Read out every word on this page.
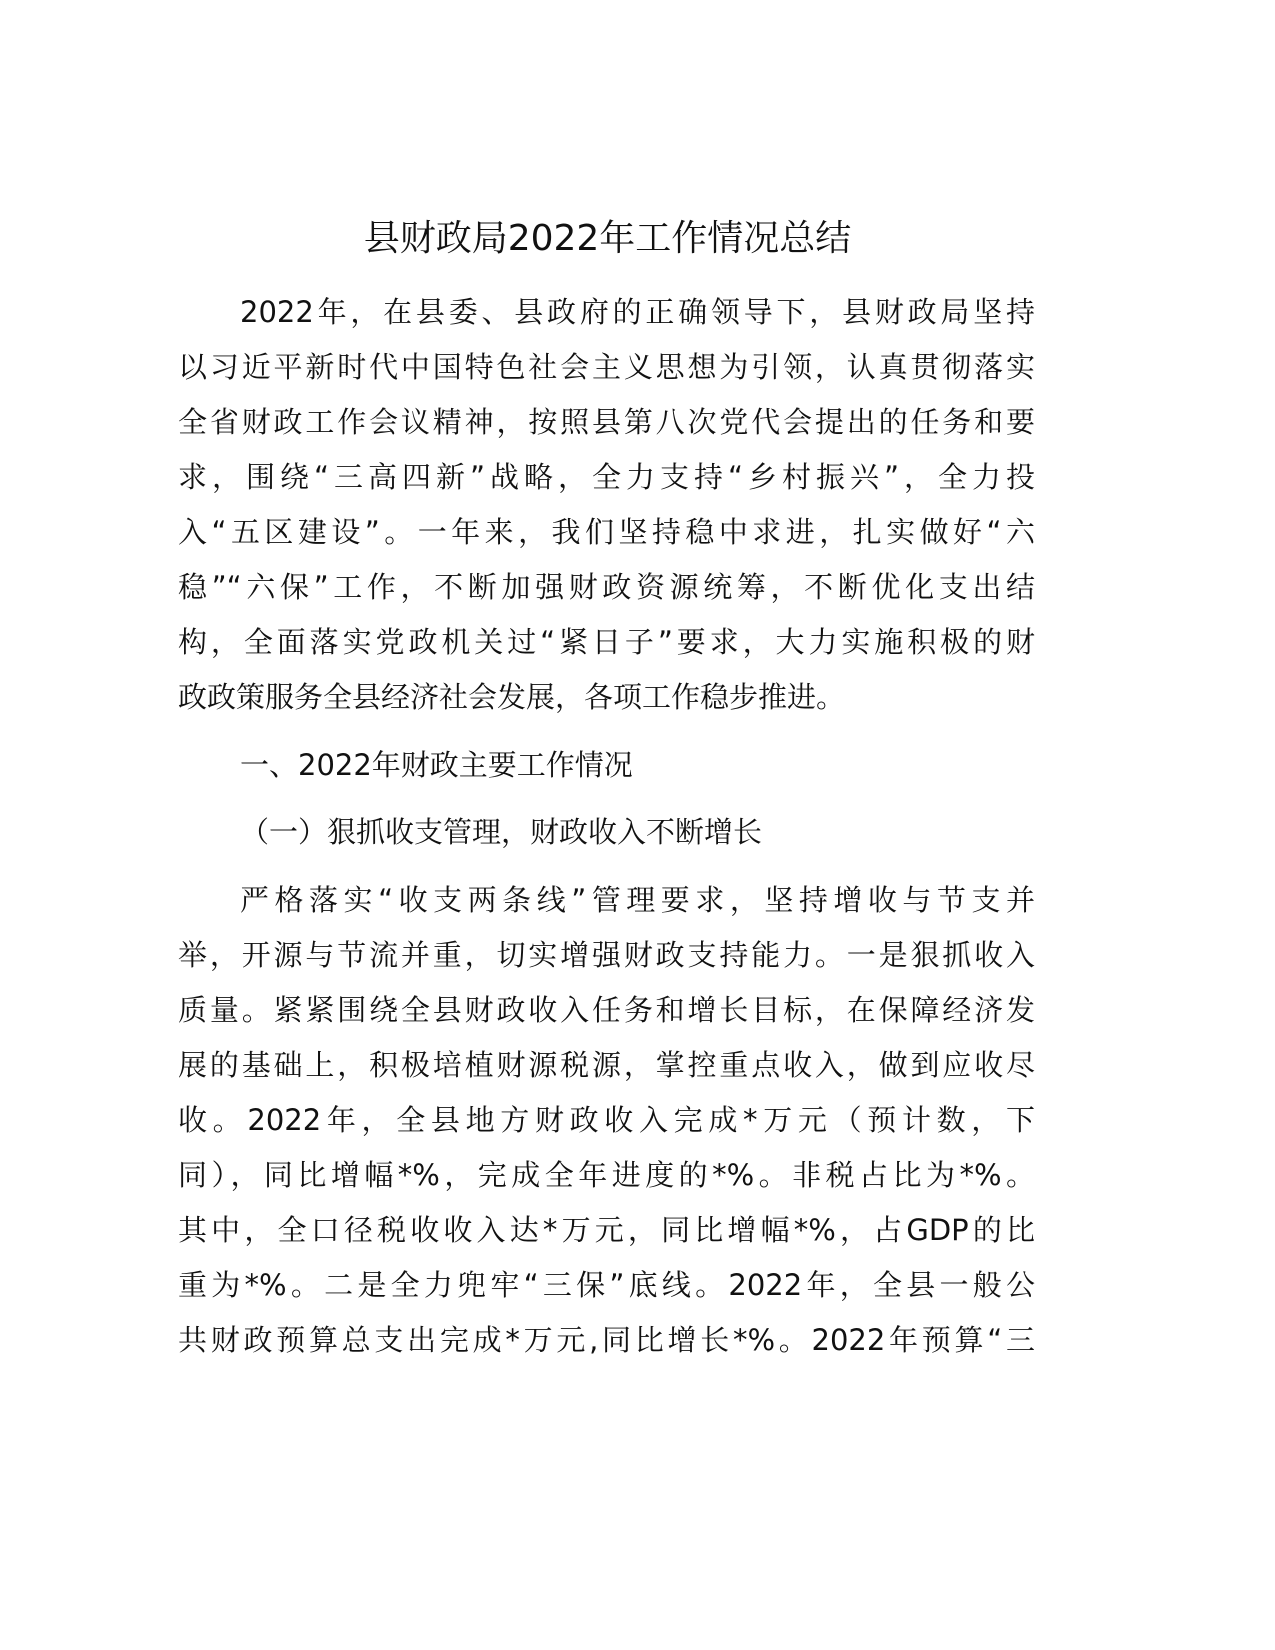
县财政局2022年工作情况总结
2022年，在县委、县政府的正确领导下，县财政局坚持
以习近平新时代中国特色社会主义思想为引领，认真贯彻落实
全省财政工作会议精神，按照县第八次党代会提出的任务和要
求，围绕“三高四新”战略，全力支持“乡村振兴”，全力投
入“五区建设”。一年来，我们坚持稳中求进，扎实做好“六
稳”“六保”工作，不断加强财政资源统筹，不断优化支出结
构，全面落实党政机关过“紧日子”要求，大力实施积极的财
政政策服务全县经济社会发展，各项工作稳步推进。
一、2022年财政主要工作情况
（一）狠抓收支管理，财政收入不断增长
严格落实“收支两条线”管理要求，坚持增收与节支并
举，开源与节流并重，切实增强财政支持能力。一是狠抓收入
质量。紧紧围绕全县财政收入任务和增长目标，在保障经济发
展的基础上，积极培植财源税源，掌控重点收入，做到应收尽
收。2022年，全县地方财政收入完成*万元（预计数，下
同），同比增幅*%，完成全年进度的*%。非税占比为*%。
其中，全口径税收收入达*万元，同比增幅*%，占GDP的比
重为*%。二是全力兜牢“三保”底线。2022年，全县一般公
共财政预算总支出完成*万元,同比增长*%。2022年预算“三
